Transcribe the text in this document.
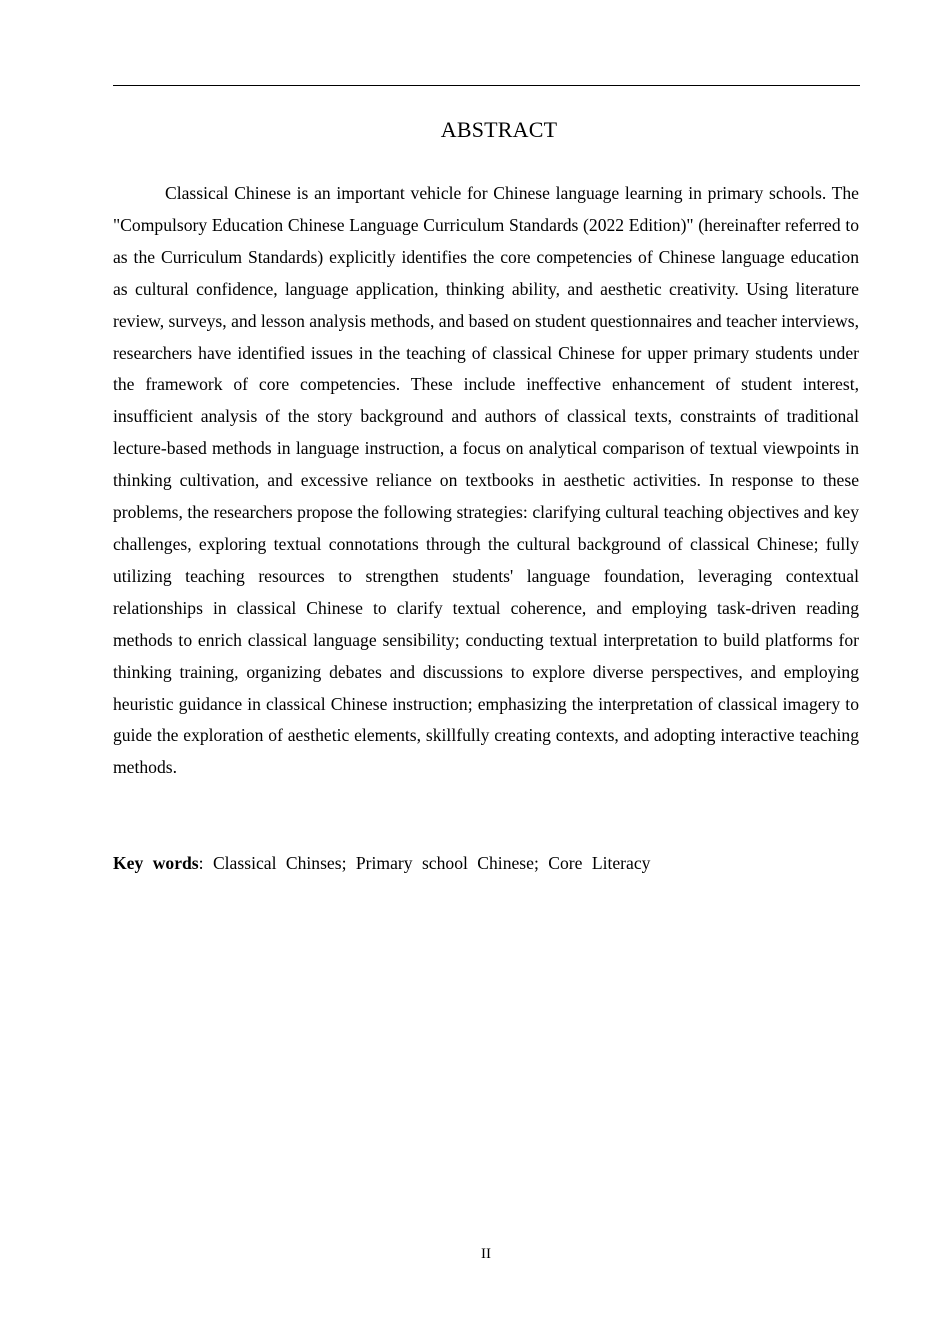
ABSTRACT

Classical Chinese is an important vehicle for Chinese language learning in primary schools. The "Compulsory Education Chinese Language Curriculum Standards (2022 Edition)" (hereinafter referred to as the Curriculum Standards) explicitly identifies the core competencies of Chinese language education as cultural confidence, language application, thinking ability, and aesthetic creativity. Using literature review, surveys, and lesson analysis methods, and based on student questionnaires and teacher interviews, researchers have identified issues in the teaching of classical Chinese for upper primary students under the framework of core competencies. These include ineffective enhancement of student interest, insufficient analysis of the story background and authors of classical texts, constraints of traditional lecture-based methods in language instruction, a focus on analytical comparison of textual viewpoints in thinking cultivation, and excessive reliance on textbooks in aesthetic activities. In response to these problems, the researchers propose the following strategies: clarifying cultural teaching objectives and key challenges, exploring textual connotations through the cultural background of classical Chinese; fully utilizing teaching resources to strengthen students' language foundation, leveraging contextual relationships in classical Chinese to clarify textual coherence, and employing task-driven reading methods to enrich classical language sensibility; conducting textual interpretation to build platforms for thinking training, organizing debates and discussions to explore diverse perspectives, and employing heuristic guidance in classical Chinese instruction; emphasizing the interpretation of classical imagery to guide the exploration of aesthetic elements, skillfully creating contexts, and adopting interactive teaching methods.

Key words: Classical Chinses; Primary school Chinese; Core Literacy
II
